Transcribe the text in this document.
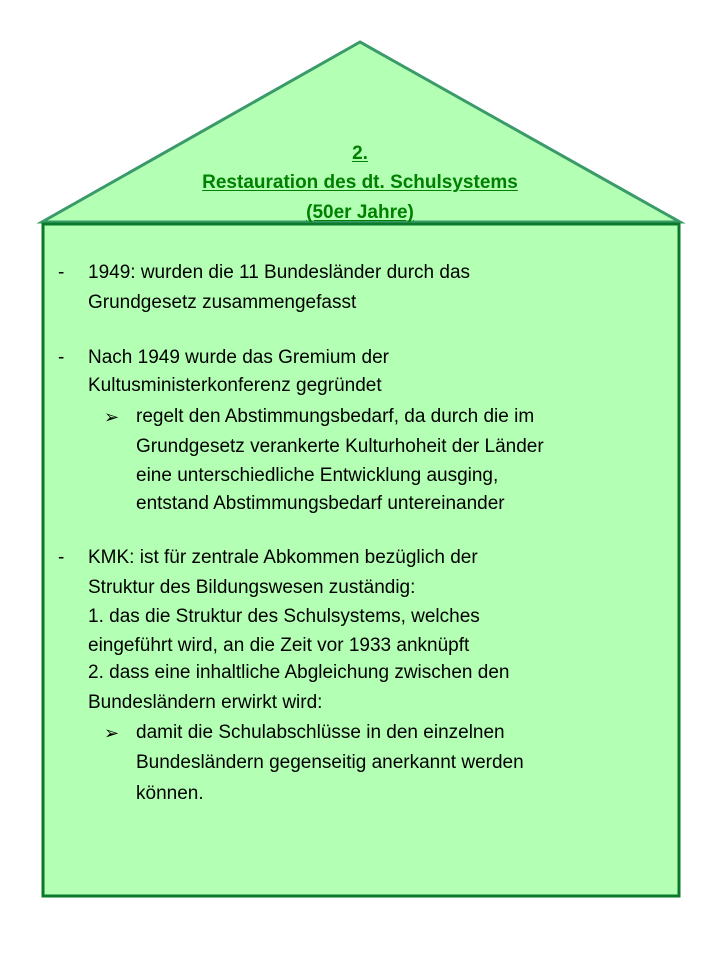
2.
Restauration des dt. Schulsystems
(50er Jahre)
- 1949: wurden die 11 Bundesländer durch das
Grundgesetz zusammengefasst
- Nach 1949 wurde das Gremium der
Kultusministerkonferenz gegründet
➢ regelt den Abstimmungsbedarf, da durch die im
Grundgesetz verankerte Kulturhoheit der Länder
eine unterschiedliche Entwicklung ausging,
entstand Abstimmungsbedarf untereinander
- KMK: ist für zentrale Abkommen bezüglich der
Struktur des Bildungswesen zuständig:
1. das die Struktur des Schulsystems, welches
eingeführt wird, an die Zeit vor 1933 anknüpft
2. dass eine inhaltliche Abgleichung zwischen den
Bundesländern erwirkt wird:
➢ damit die Schulabschlüsse in den einzelnen
Bundesländern gegenseitig anerkannt werden
können.
